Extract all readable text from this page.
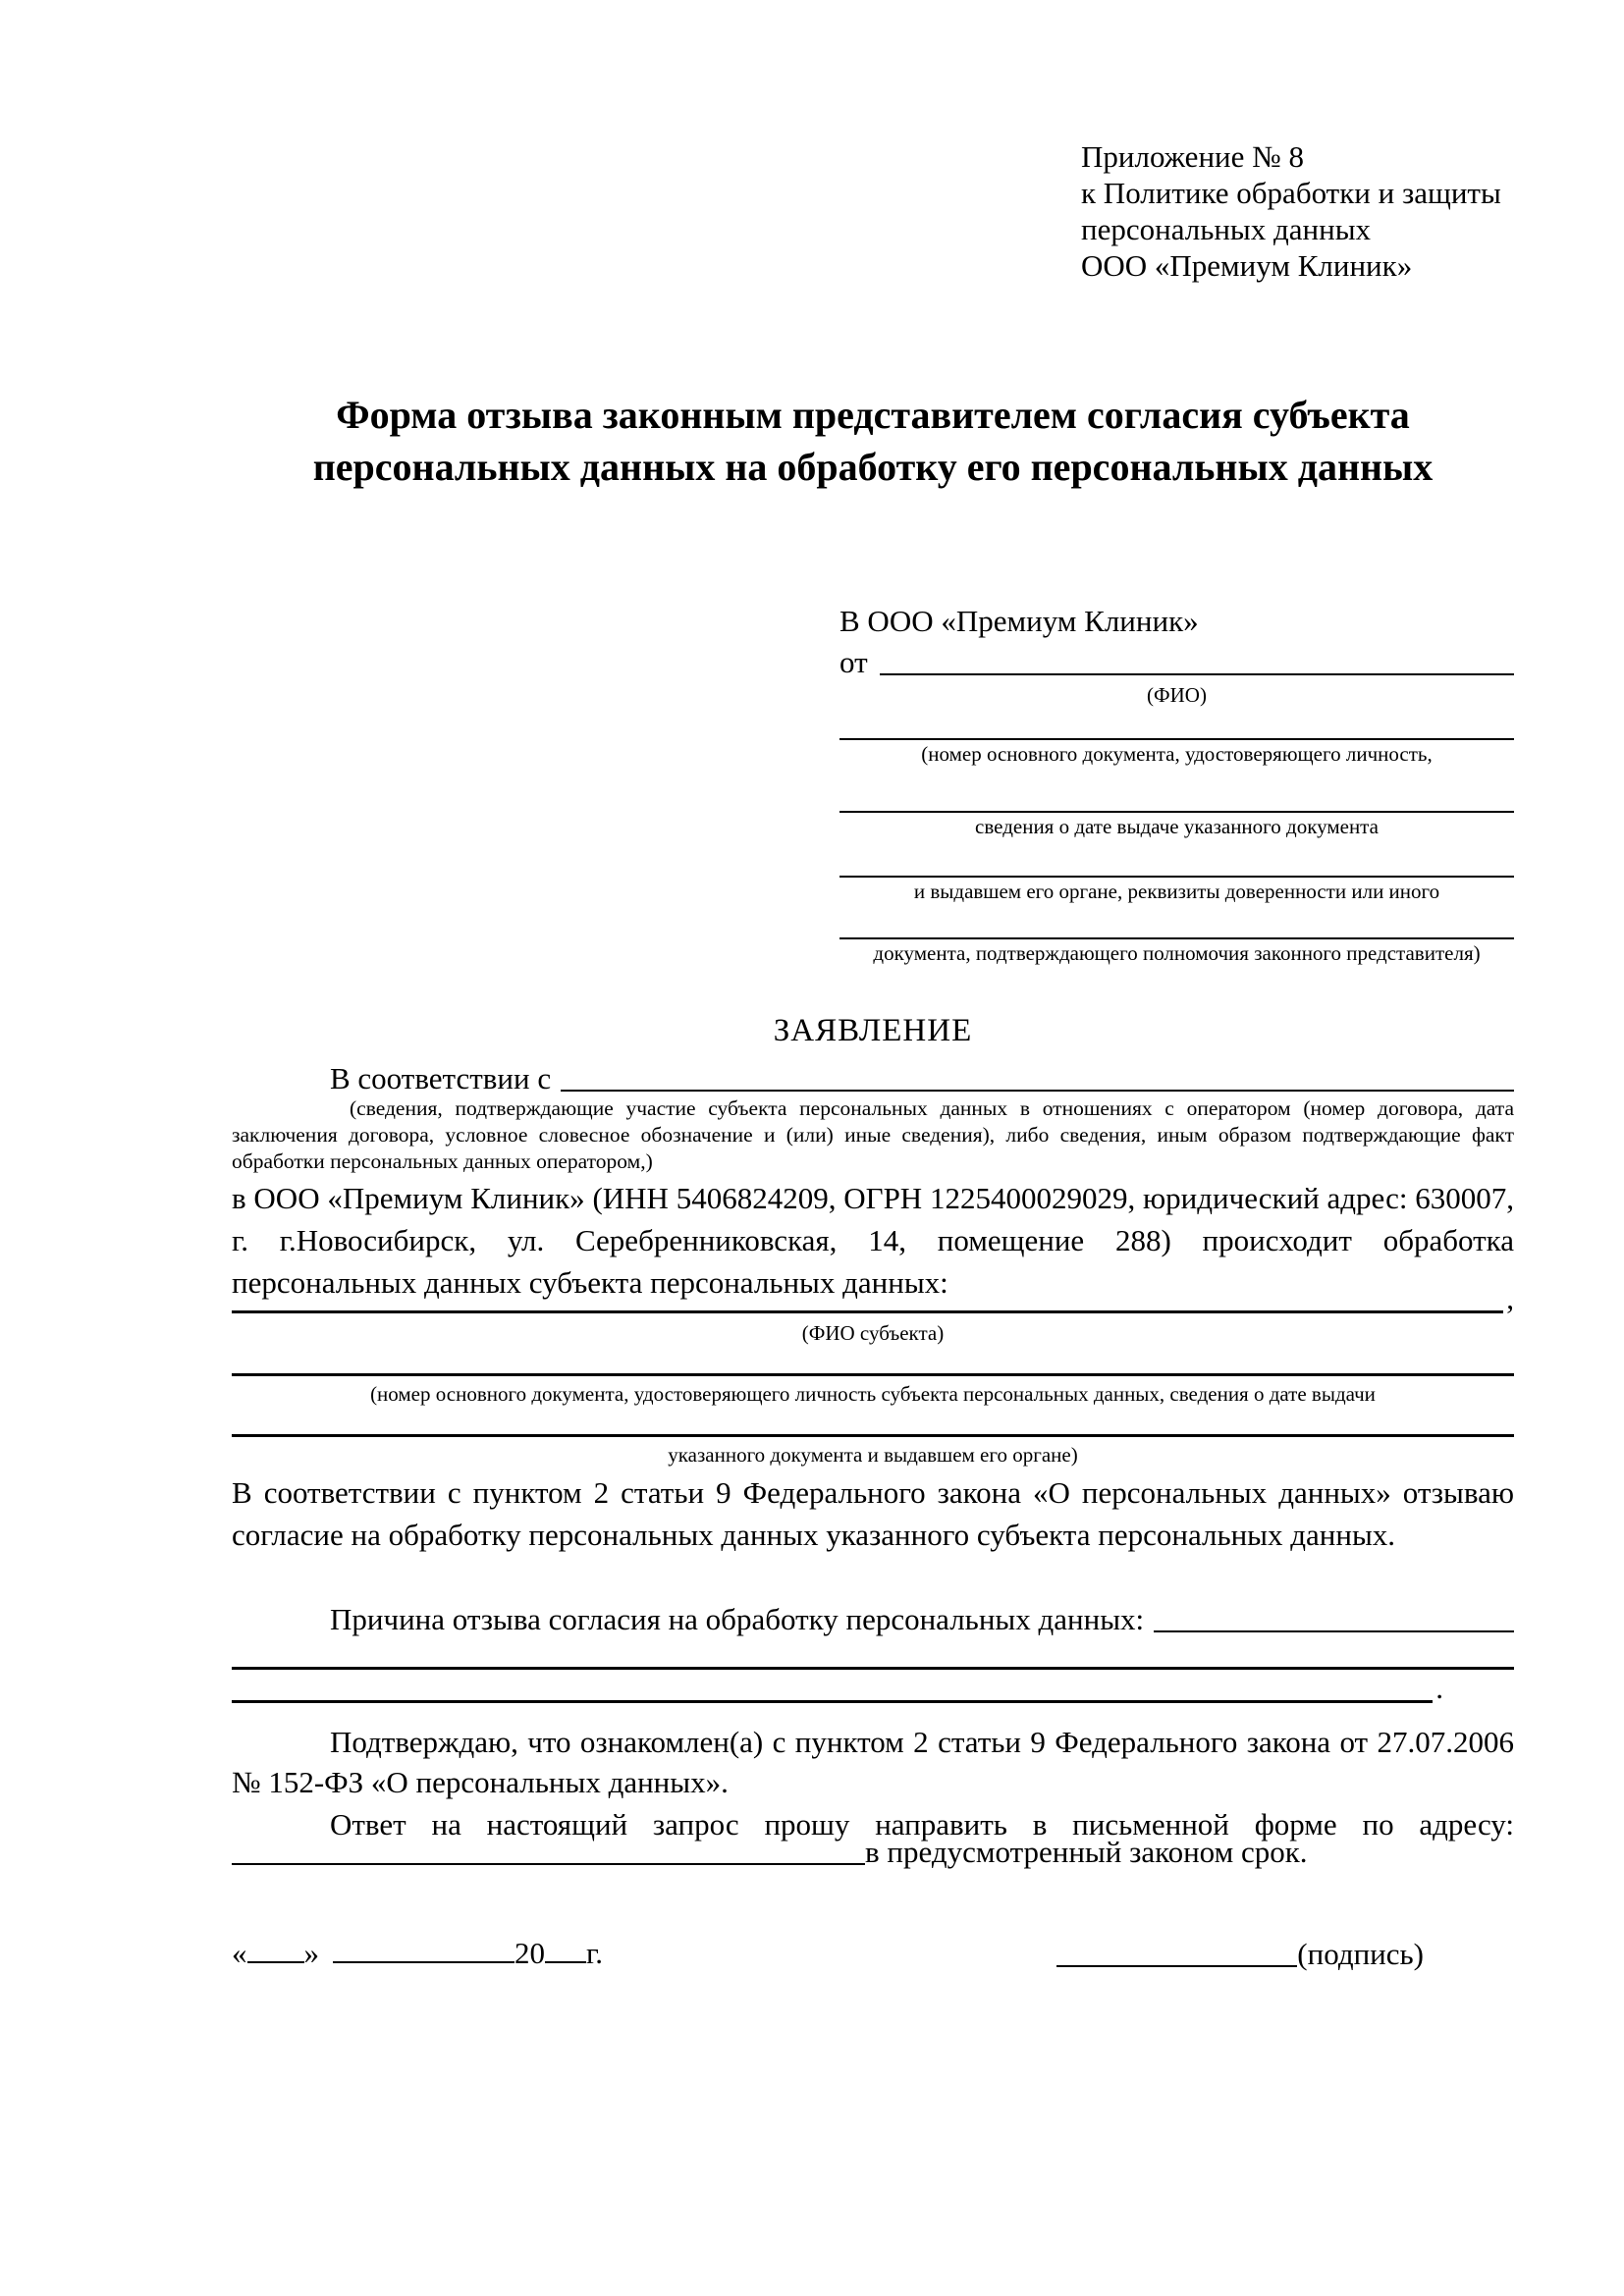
Приложение № 8
к Политике обработки и защиты
персональных данных
ООО «Премиум Клиник»
Форма отзыва законным представителем согласия субъекта
персональных данных на обработку его персональных данных
В ООО «Премиум Клиник»
от
(ФИО)
(номер основного документа, удостоверяющего личность,
сведения о дате выдаче указанного документа
и выдавшем его органе, реквизиты доверенности или иного
документа, подтверждающего полномочия законного представителя)
ЗАЯВЛЕНИЕ
В соответствии с
(сведения, подтверждающие участие субъекта персональных данных в отношениях с оператором (номер договора, дата заключения договора, условное словесное обозначение и (или) иные сведения), либо сведения, иным образом подтверждающие факт обработки персональных данных оператором,)
в ООО «Премиум Клиник» (ИНН 5406824209, ОГРН 1225400029029, юридический адрес: 630007, г. г.Новосибирск, ул. Серебренниковская, 14, помещение 288) происходит обработка персональных данных субъекта персональных данных:	,
(ФИО субъекта)
(номер основного документа, удостоверяющего личность субъекта персональных данных, сведения о дате выдачи
указанного документа и выдавшем его органе)
В соответствии с пунктом 2 статьи 9 Федерального закона «О персональных данных» отзываю согласие на обработку персональных данных указанного субъекта персональных данных.
Причина отзыва согласия на обработку персональных данных:
.
Подтверждаю, что ознакомлен(а) с пунктом 2 статьи 9 Федерального закона от 27.07.2006 № 152-ФЗ «О персональных данных».
Ответ на настоящий запрос прошу направить в письменной форме по адресу:
в предусмотренный законом срок.
« »	20 г.	(подпись)
